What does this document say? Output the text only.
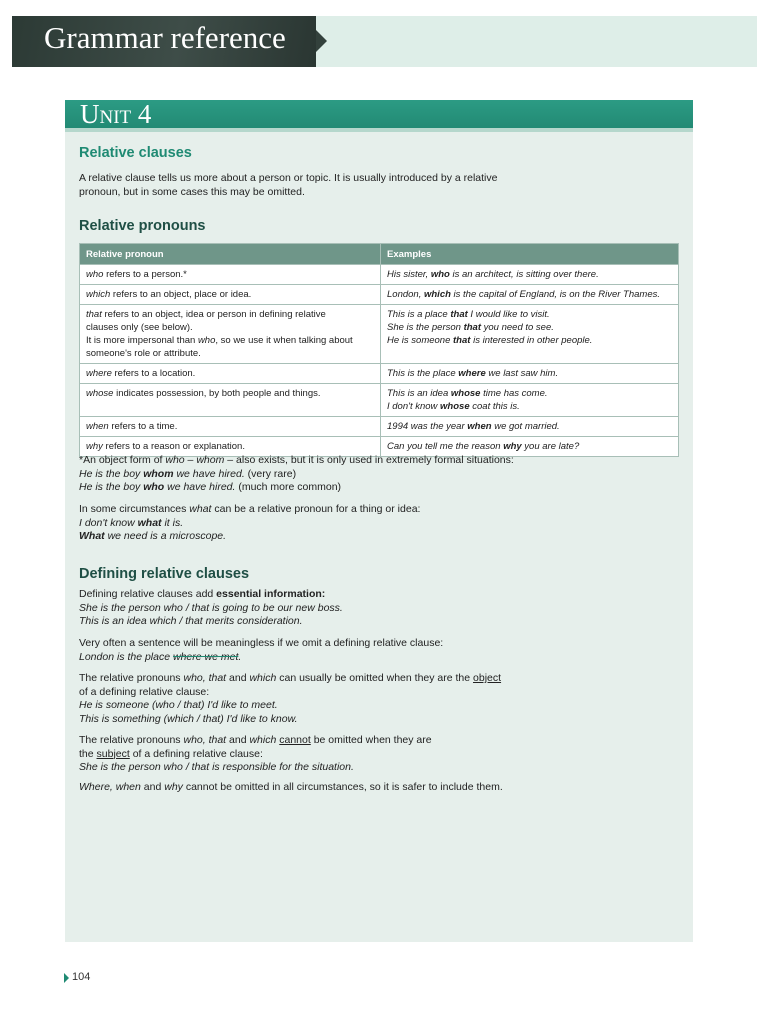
Grammar reference
Unit 4
Relative clauses
A relative clause tells us more about a person or topic. It is usually introduced by a relative
pronoun, but in some cases this may be omitted.
Relative pronouns
Relative pronoun	Examples

who refers to a person.*	His sister, who is an architect, is sitting over there.

which refers to an object, place or idea.	London, which is the capital of England, is on the River Thames.

that refers to an object, idea or person in defining relative
clauses only (see below).
It is more impersonal than who, so we use it when talking about
someone's role or attribute.	This is a place that I would like to visit.
She is the person that you need to see.
He is someone that is interested in other people.

where refers to a location.	This is the place where we last saw him.

whose indicates possession, by both people and things.	This is an idea whose time has come.
I don't know whose coat this is.

when refers to a time.	1994 was the year when we got married.

why refers to a reason or explanation.	Can you tell me the reason why you are late?
*An object form of who – whom – also exists, but it is only used in extremely formal situations:
He is the boy whom we have hired. (very rare)
He is the boy who we have hired. (much more common)
In some circumstances what can be a relative pronoun for a thing or idea:
I don't know what it is.
What we need is a microscope.
Defining relative clauses
Defining relative clauses add essential information:
She is the person who / that is going to be our new boss.
This is an idea which / that merits consideration.
Very often a sentence will be meaningless if we omit a defining relative clause:
London is the place where we met.
The relative pronouns who, that and which can usually be omitted when they are the object
of a defining relative clause:
He is someone (who / that) I'd like to meet.
This is something (which / that) I'd like to know.
The relative pronouns who, that and which cannot be omitted when they are
the subject of a defining relative clause:
She is the person who / that is responsible for the situation.
Where, when and why cannot be omitted in all circumstances, so it is safer to include them.
104
